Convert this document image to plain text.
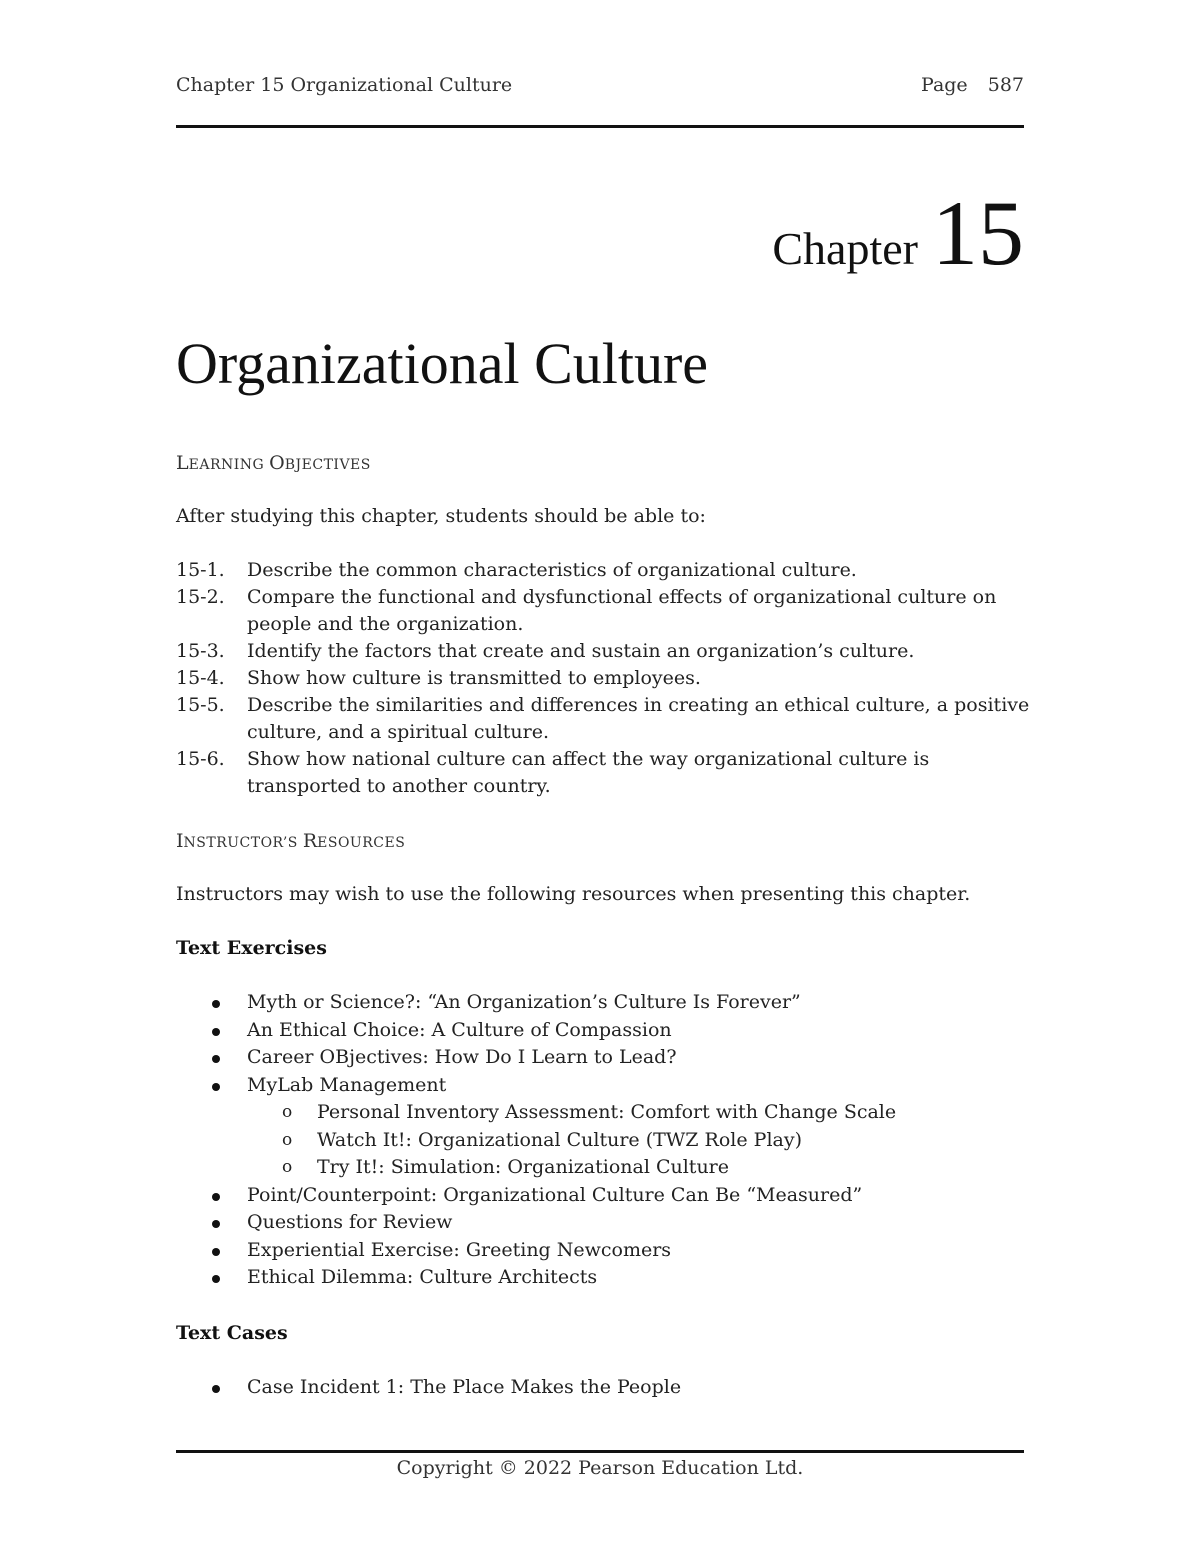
Chapter 15 Organizational Culture	Page 587
Chapter 15
Organizational Culture
LEARNING OBJECTIVES
After studying this chapter, students should be able to:
15-1. Describe the common characteristics of organizational culture.
15-2. Compare the functional and dysfunctional effects of organizational culture on people and the organization.
15-3. Identify the factors that create and sustain an organization’s culture.
15-4. Show how culture is transmitted to employees.
15-5. Describe the similarities and differences in creating an ethical culture, a positive culture, and a spiritual culture.
15-6. Show how national culture can affect the way organizational culture is transported to another country.
INSTRUCTOR’S RESOURCES
Instructors may wish to use the following resources when presenting this chapter.
Text Exercises
Myth or Science?: “An Organization’s Culture Is Forever”
An Ethical Choice: A Culture of Compassion
Career OBjectives: How Do I Learn to Lead?
MyLab Management
o Personal Inventory Assessment: Comfort with Change Scale
o Watch It!: Organizational Culture (TWZ Role Play)
o Try It!: Simulation: Organizational Culture
Point/Counterpoint: Organizational Culture Can Be “Measured”
Questions for Review
Experiential Exercise: Greeting Newcomers
Ethical Dilemma: Culture Architects
Text Cases
Case Incident 1: The Place Makes the People
Copyright © 2022 Pearson Education Ltd.
